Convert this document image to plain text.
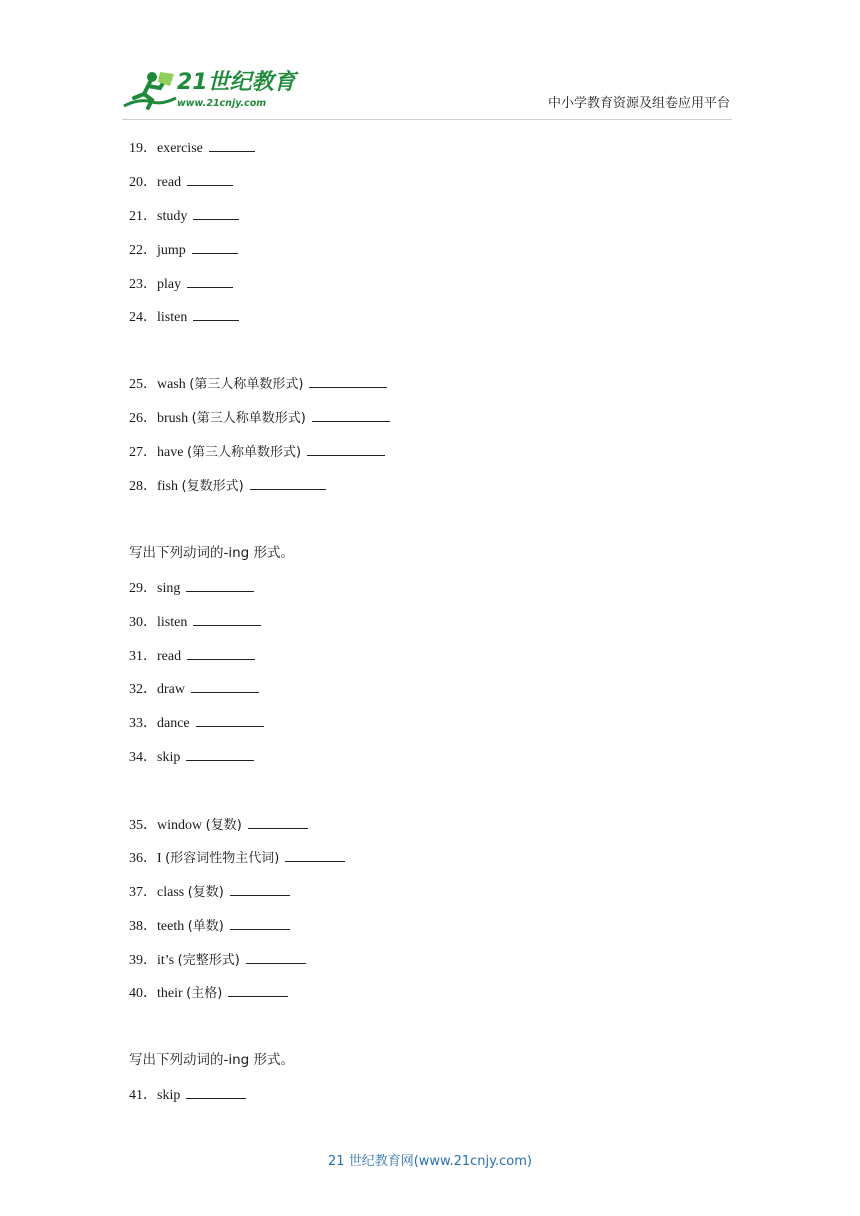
21世纪教育
www.21cnjy.com	中小学教育资源及组卷应用平台
19．exercise
20．read
21．study
22．jump
23．play
24．listen
25．wash (第三人称单数形式)
26．brush (第三人称单数形式)
27．have (第三人称单数形式)
28．fish (复数形式)
写出下列动词的-ing 形式。
29．sing
30．listen
31．read
32．draw
33．dance
34．skip
35．window (复数)
36．I (形容词性物主代词)
37．class (复数)
38．teeth (单数)
39．it’s (完整形式)
40．their (主格)
写出下列动词的-ing 形式。
41．skip
21 世纪教育网(www.21cnjy.com)
